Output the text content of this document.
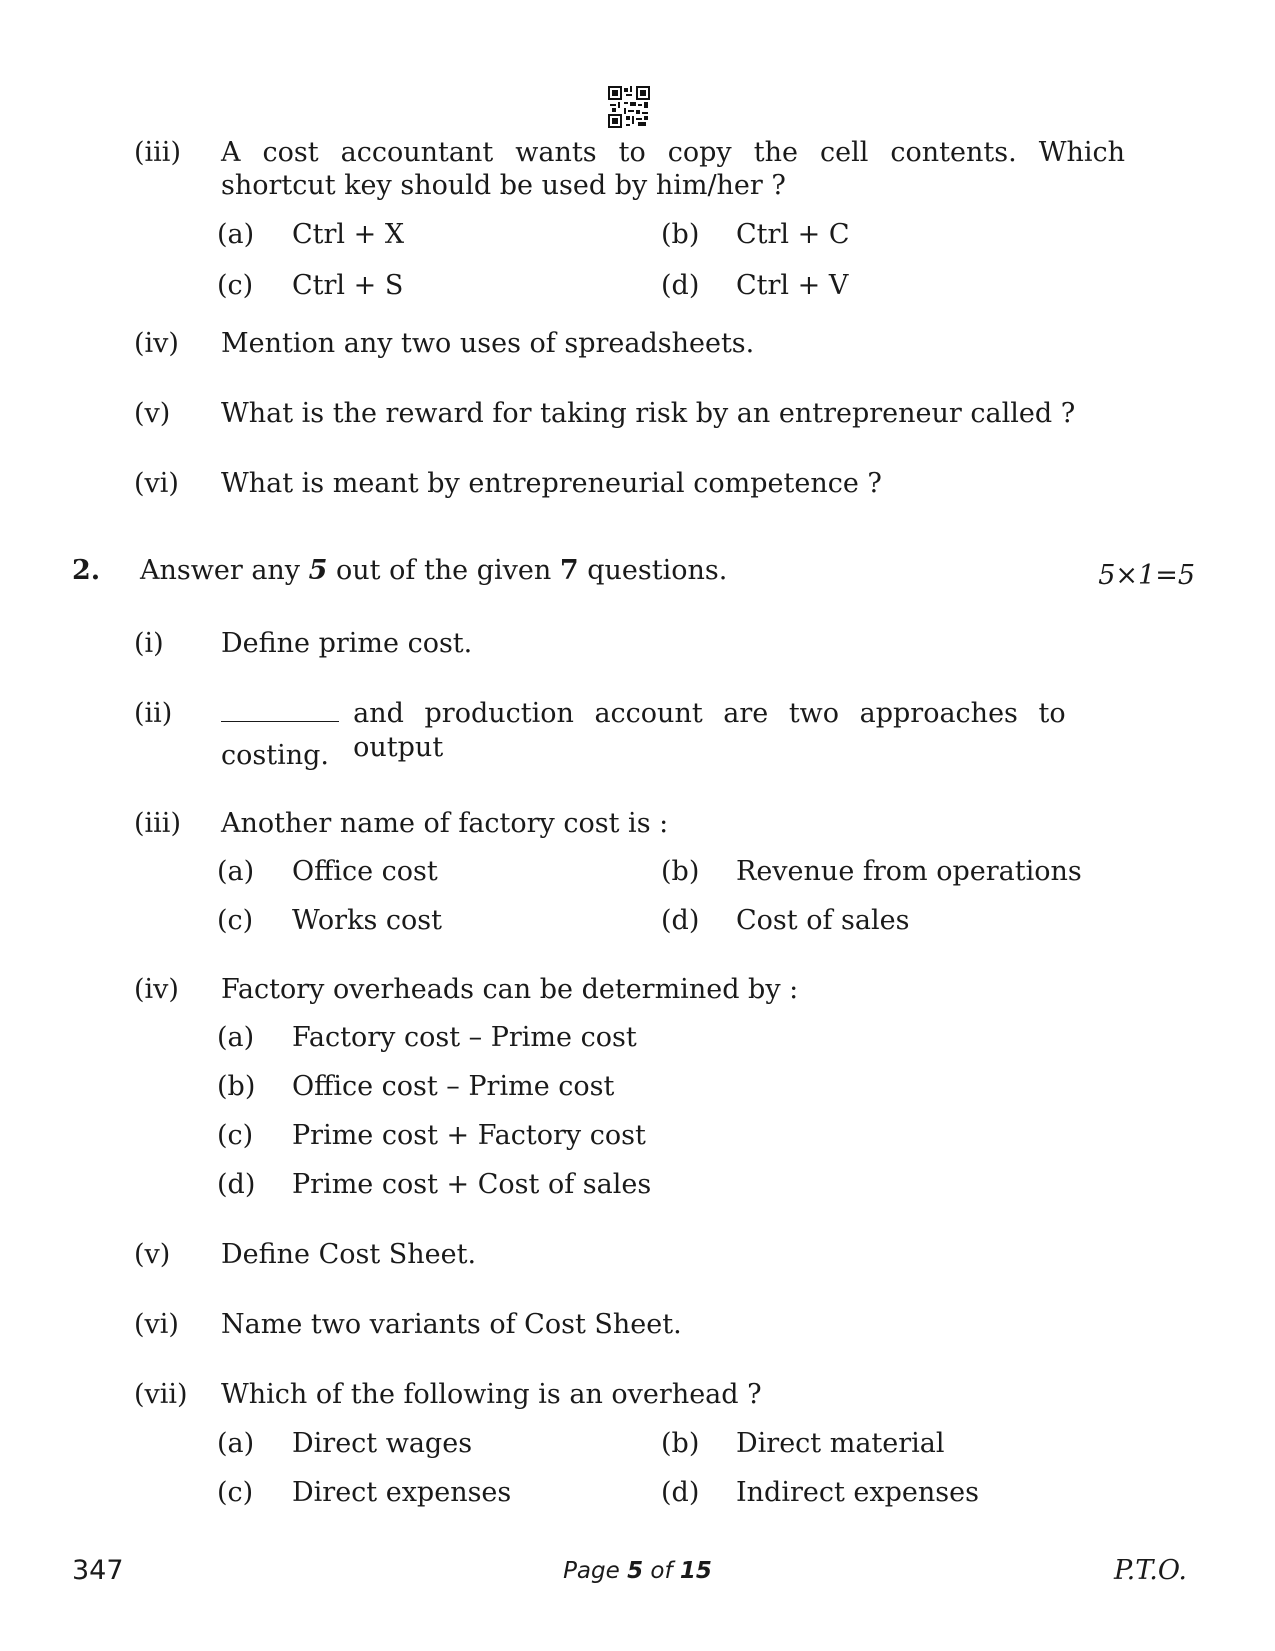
(iii) A cost accountant wants to copy the cell contents. Which shortcut key should be used by him/her ?
(a) Ctrl + X	(b) Ctrl + C
(c) Ctrl + S	(d) Ctrl + V
(iv) Mention any two uses of spreadsheets.
(v) What is the reward for taking risk by an entrepreneur called ?
(vi) What is meant by entrepreneurial competence ?
2. Answer any 5 out of the given 7 questions.	5×1=5
(i) Define prime cost.
(ii)	and production account are two approaches to output
costing.
(iii) Another name of factory cost is :
(a) Office cost	(b) Revenue from operations
(c) Works cost	(d) Cost of sales
(iv) Factory overheads can be determined by :
(a) Factory cost – Prime cost
(b) Office cost – Prime cost
(c) Prime cost + Factory cost
(d) Prime cost + Cost of sales
(v) Define Cost Sheet.
(vi) Name two variants of Cost Sheet.
(vii) Which of the following is an overhead ?
(a) Direct wages	(b) Direct material
(c) Direct expenses	(d) Indirect expenses
347	Page 5 of 15	P.T.O.
